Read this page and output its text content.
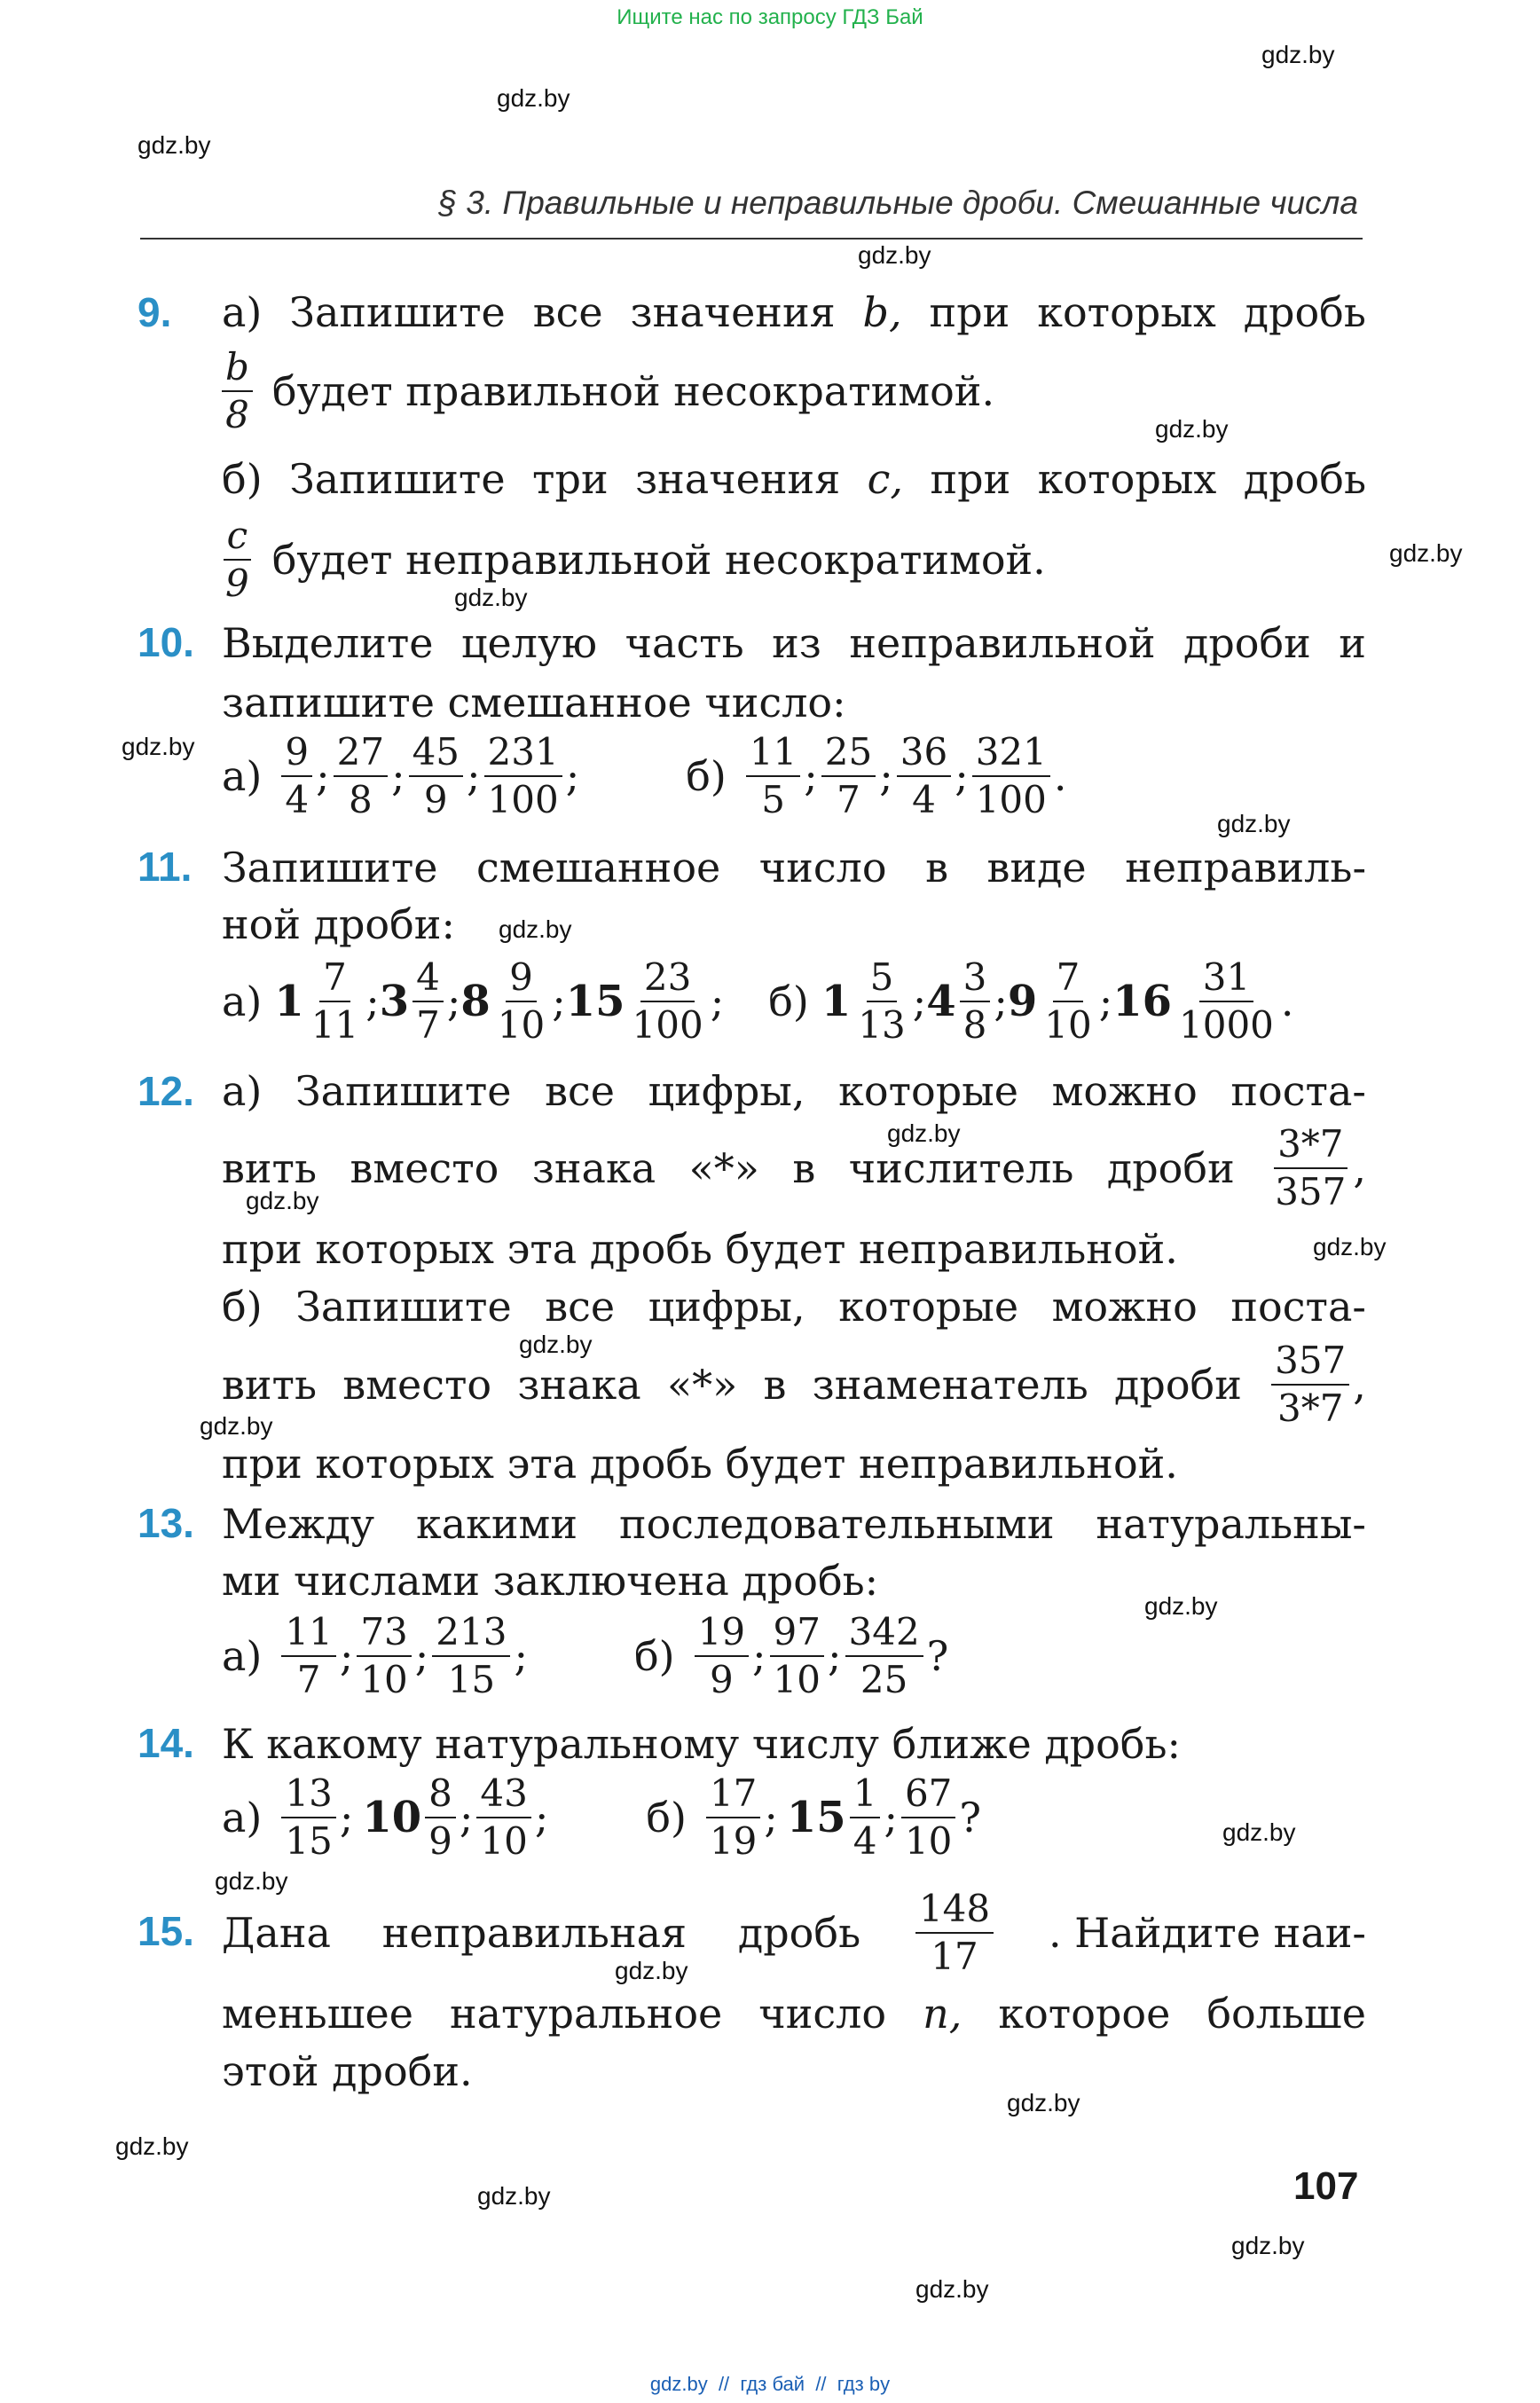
Ищите нас по запросу ГДЗ Бай
gdz.by
gdz.by
gdz.by
gdz.by
gdz.by
gdz.by
gdz.by
gdz.by
gdz.by
gdz.by
gdz.by
gdz.by
gdz.by
gdz.by
gdz.by
gdz.by
gdz.by
gdz.by
gdz.by
gdz.by
gdz.by
gdz.by
gdz.by
gdz.by
§ 3. Правильные и неправильные дроби. Смешанные числа
9. а) Запишите все значения b, при которых дробь
b
8 будет правильной несократимой.
б) Запишите три значения c, при которых дробь
c
9 будет неправильной несократимой.
10. Выделите целую часть из неправильной дроби и
запишите смешанное число:
а)
9
4 ;
27
8 ;
45
9 ;
231
100 ;	б)
11
5 ;
25
7 ;
36
4 ;
321
100 .
11. Запишите смешанное число в виде неправиль-
ной дроби:
а) 1 7
11 ; 3 4
7 ; 8 9
10 ; 15 23
100 ; б) 1 5
13 ; 4 3
8 ; 9 7
10 ; 16 31
1000 .
12. а) Запишите все цифры, которые можно поста-
вить вместо знака «*» в числитель дроби
3*7
357 ,
при которых эта дробь будет неправильной.
б) Запишите все цифры, которые можно поста-
вить вместо знака «*» в знаменатель дроби
357
3*7 ,
при которых эта дробь будет неправильной.
13. Между какими последовательными натуральны-
ми числами заключена дробь:
а)
11
7 ;
73
10 ;
213
15 ;	б)
19
9 ;
97
10 ;
342
25 ?
14. К какому натуральному числу ближе дробь:
а)
13
15 ; 10 8
9 ;
43
10 ; б)
17
19 ; 15 1
4 ;
67
10 ?
15. Дана неправильная дробь
148
17 . Найдите наи-
меньшее натуральное число n, которое больше
этой дроби.
107
gdz.by  //  гдз бай  //  гдз by
